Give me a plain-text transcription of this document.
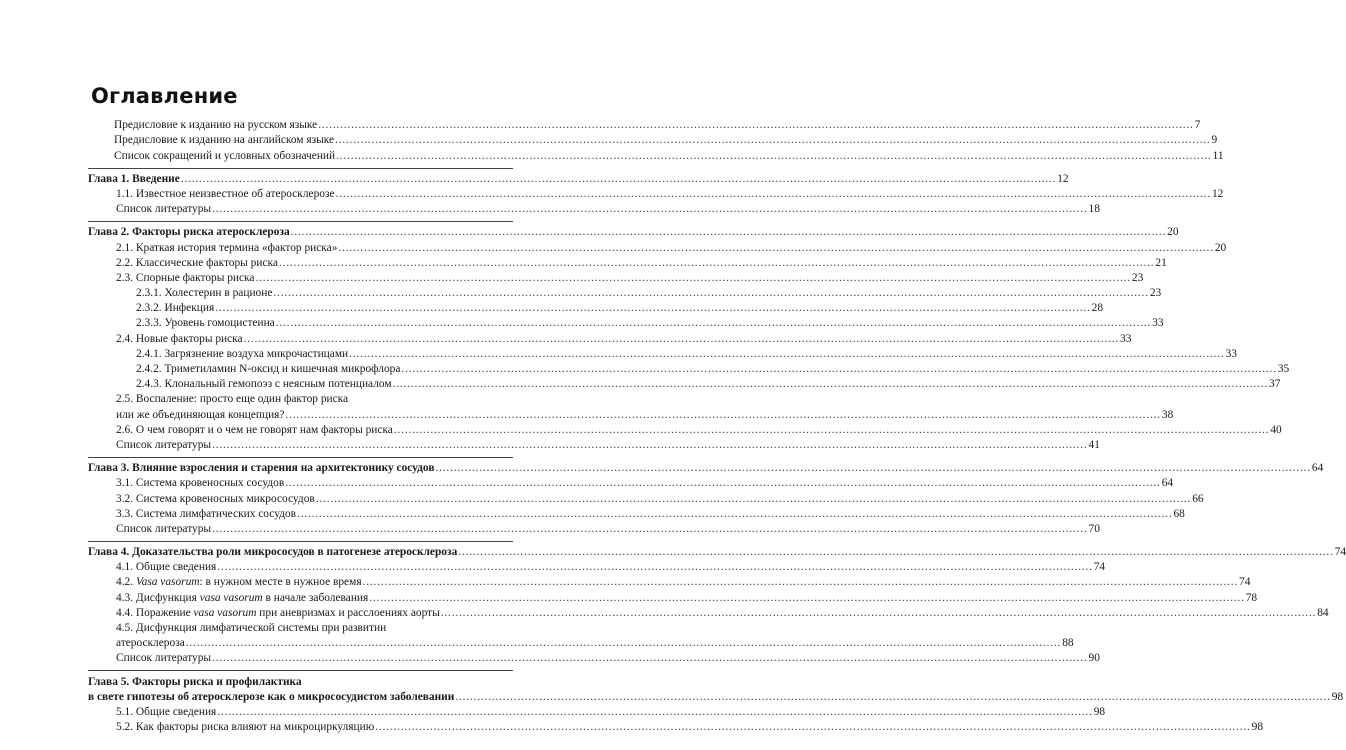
Оглавление
Предисловие к изданию на русском языке .....	7
Предисловие к изданию на английском языке .....	9
Список сокращений и условных обозначений .....	11
Глава 1. Введение .....	12
1.1. Известное неизвестное об атеросклерозе .....	12
Список литературы .....	18
Глава 2. Факторы риска атеросклероза .....	20
2.1. Краткая история термина «фактор риска» .....	20
2.2. Классические факторы риска .....	21
2.3. Спорные факторы риска .....	23
2.3.1. Холестерин в рационе .....	23
2.3.2. Инфекция .....	28
2.3.3. Уровень гомоцистеина .....	33
2.4. Новые факторы риска .....	33
2.4.1. Загрязнение воздуха микрочастицами .....	33
2.4.2. Триметиламин N-оксид и кишечная микрофлора .....	35
2.4.3. Клональный гемопоэз с неясным потенциалом .....	37
2.5. Воспаление: просто еще один фактор риска
или же объединяющая концепция? .....	38
2.6. О чем говорят и о чем не говорят нам факторы риска .....	40
Список литературы .....	41
Глава 3. Влияние взросления и старения на архитектонику сосудов .....	64
3.1. Система кровеносных сосудов .....	64
3.2. Система кровеносных микрососудов .....	66
3.3. Система лимфатических сосудов .....	68
Список литературы .....	70
Глава 4. Доказательства роли микрососудов в патогенезе атеросклероза .....	74
4.1. Общие сведения .....	74
4.2. Vasa vasorum: в нужном месте в нужное время .....	74
4.3. Дисфункция vasa vasorum в начале заболевания .....	78
4.4. Поражение vasa vasorum при аневризмах и расслоениях аорты .....	84
4.5. Дисфункция лимфатической системы при развитии
атеросклероза .....	88
Список литературы .....	90
Глава 5. Факторы риска и профилактика
в свете гипотезы об атеросклерозе как о микрососудистом заболевании .....	98
5.1. Общие сведения .....	98
5.2. Как факторы риска влияют на микроциркуляцию .....	98
